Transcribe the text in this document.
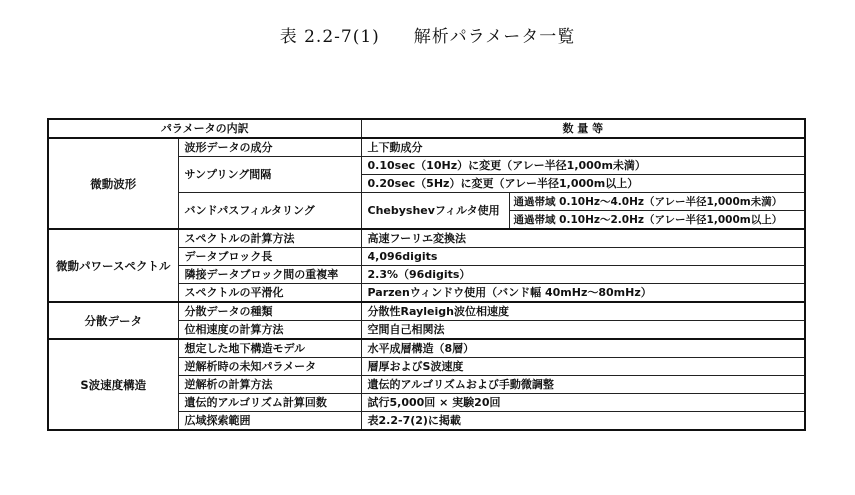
表 2.2-7(1) 解析パラメータ一覧
パラメータの内訳		数 量 等	
微動波形	波形データの成分	上下動成分	
	サンプリング間隔	0.10sec（10Hz）に変更（アレー半径1,000m未満）	
		0.20sec（5Hz）に変更（アレー半径1,000m以上）	
	バンドパスフィルタリング	Chebyshevフィルタ使用	通過帯域 0.10Hz～4.0Hz（アレー半径1,000m未満）
			通過帯域 0.10Hz～2.0Hz（アレー半径1,000m以上）
微動パワースペクトル	スペクトルの計算方法	高速フーリエ変換法	
	データブロック長	4,096digits	
	隣接データブロック間の重複率	2.3%（96digits）	
	スペクトルの平滑化	Parzenウィンドウ使用（バンド幅 40mHz～80mHz）	
分散データ	分散データの種類	分散性Rayleigh波位相速度	
	位相速度の計算方法	空間自己相関法	
S波速度構造	想定した地下構造モデル	水平成層構造（8層）	
	逆解析時の未知パラメータ	層厚およびS波速度	
	逆解析の計算方法	遺伝的アルゴリズムおよび手動微調整	
	遺伝的アルゴリズム計算回数	試行5,000回 × 実験20回	
	広域探索範囲	表2.2-7(2)に掲載	
